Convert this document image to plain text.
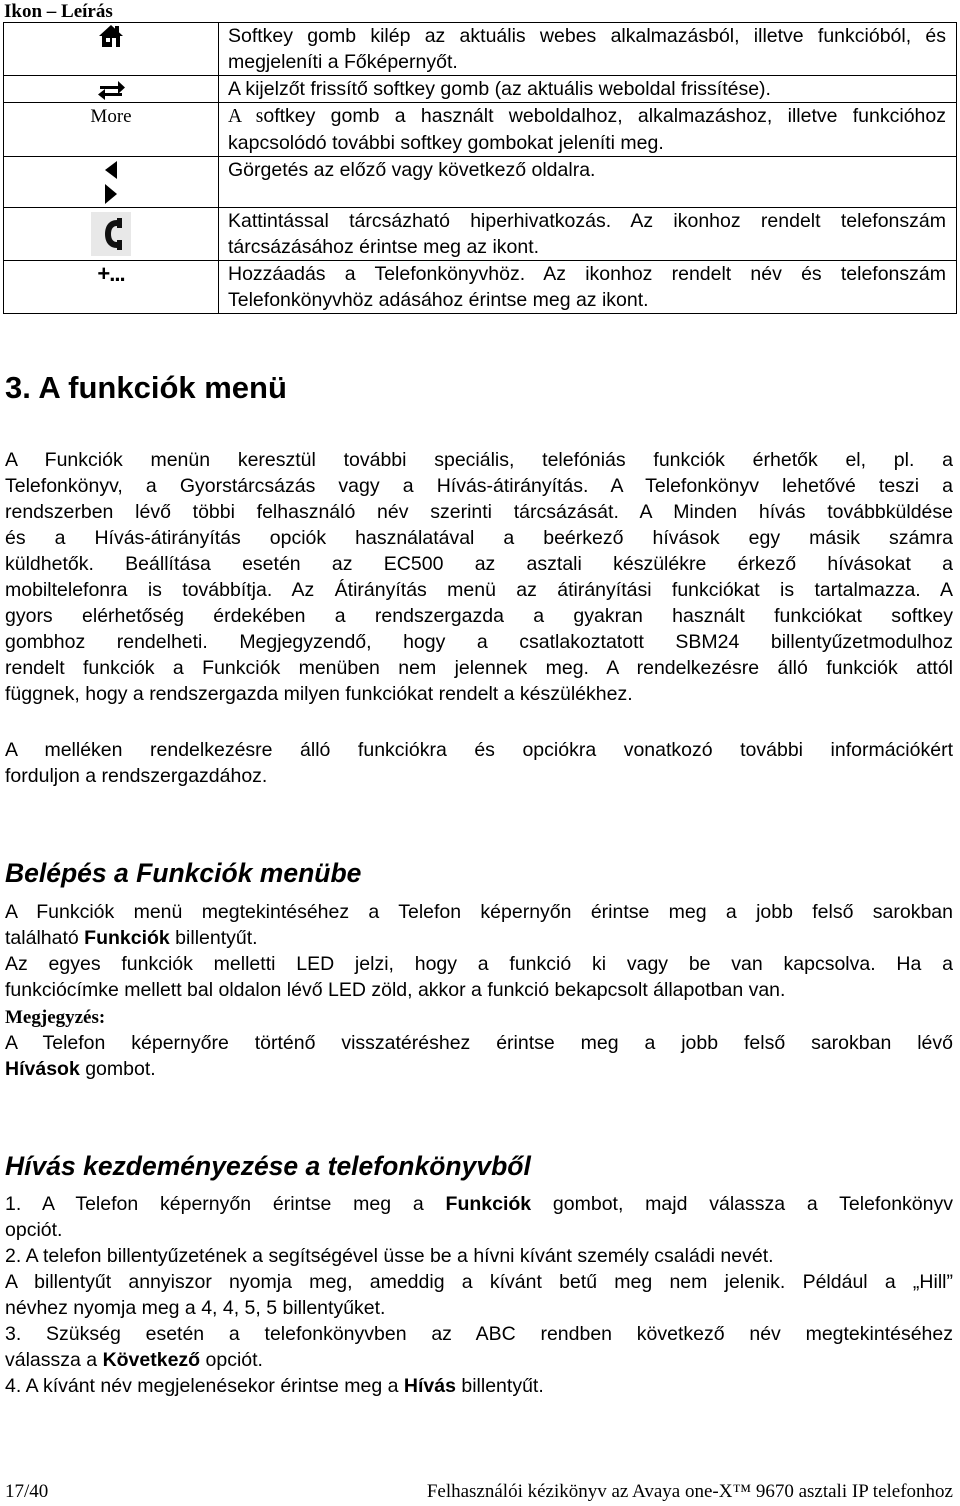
Ikon – Leírás
	Softkey gomb kilép az aktuális webes alkalmazásból, illetve funkcióból, és megjeleníti a Főképernyőt.

	A kijelzőt frissítő softkey gomb (az aktuális weboldal frissítése).
More	A softkey gomb a használt weboldalhoz, alkalmazáshoz, illetve funkcióhoz kapcsolódó további softkey gombokat jeleníti meg.

	Görgetés az előző vagy következő oldalra.

	Kattintással tárcsázható hiperhivatkozás. Az ikonhoz rendelt telefonszám tárcsázásához érintse meg az ikont.
+...	Hozzáadás a Telefonkönyvhöz. Az ikonhoz rendelt név és telefonszám Telefonkönyvhöz adásához érintse meg az ikont.
3. A funkciók menü
A Funkciók menün keresztül további speciális, telefóniás funkciók érhetők el, pl. a
Telefonkönyv, a Gyorstárcsázás vagy a Hívás-átirányítás. A Telefonkönyv lehetővé teszi a
rendszerben lévő többi felhasználó név szerinti tárcsázását. A Minden hívás továbbküldése
és a Hívás-átirányítás opciók használatával a beérkező hívások egy másik számra
küldhetők. Beállítása esetén az EC500 az asztali készülékre érkező hívásokat a
mobiltelefonra is továbbítja. Az Átirányítás menü az átirányítási funkciókat is tartalmazza. A
gyors elérhetőség érdekében a rendszergazda a gyakran használt funkciókat softkey
gombhoz rendelheti. Megjegyzendő, hogy a csatlakoztatott SBM24 billentyűzetmodulhoz
rendelt funkciók a Funkciók menüben nem jelennek meg. A rendelkezésre álló funkciók attól
függnek, hogy a rendszergazda milyen funkciókat rendelt a készülékhez.
A melléken rendelkezésre álló funkciókra és opciókra vonatkozó további információkért
forduljon a rendszergazdához.
Belépés a Funkciók menübe
A Funkciók menü megtekintéséhez a Telefon képernyőn érintse meg a jobb felső sarokban
található Funkciók billentyűt.
Az egyes funkciók melletti LED jelzi, hogy a funkció ki vagy be van kapcsolva. Ha a
funkciócímke mellett bal oldalon lévő LED zöld, akkor a funkció bekapcsolt állapotban van.
Megjegyzés:
A Telefon képernyőre történő visszatéréshez érintse meg a jobb felső sarokban lévő
Hívások gombot.
Hívás kezdeményezése a telefonkönyvből
1. A Telefon képernyőn érintse meg a Funkciók gombot, majd válassza a Telefonkönyv
opciót.
2. A telefon billentyűzetének a segítségével üsse be a hívni kívánt személy családi nevét.
A billentyűt annyiszor nyomja meg, ameddig a kívánt betű meg nem jelenik. Például a „Hill”
névhez nyomja meg a 4, 4, 5, 5 billentyűket.
3. Szükség esetén a telefonkönyvben az ABC rendben következő név megtekintéséhez
válassza a Következő opciót.
4. A kívánt név megjelenésekor érintse meg a Hívás billentyűt.
17/40	Felhasználói kézikönyv az Avaya one-X™ 9670 asztali IP telefonhoz
